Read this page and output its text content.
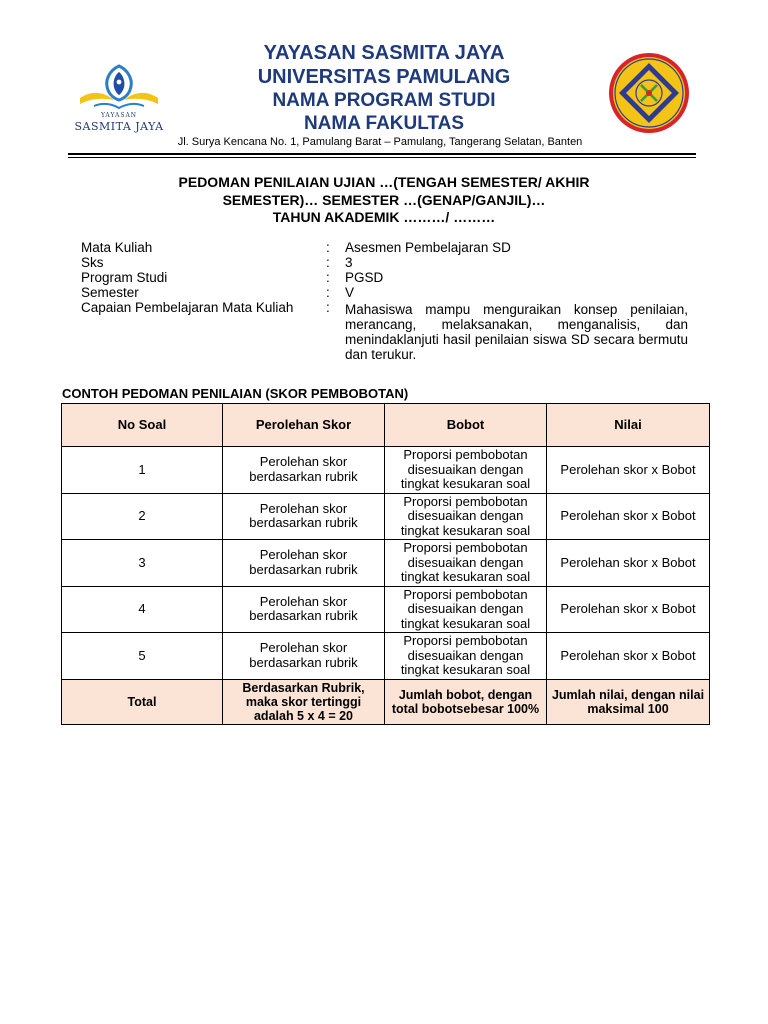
YAYASAN
SASMITA JAYA
YAYASAN SASMITA JAYA
UNIVERSITAS PAMULANG
NAMA PROGRAM STUDI
NAMA FAKULTAS
Jl. Surya Kencana No. 1, Pamulang Barat – Pamulang, Tangerang Selatan, Banten
PEDOMAN PENILAIAN UJIAN …(TENGAH SEMESTER/ AKHIR
SEMESTER)… SEMESTER …(GENAP/GANJIL)…
TAHUN AKADEMIK ………/ ………
Mata Kuliah	: Asesmen Pembelajaran SD
Sks	: 3
Program Studi	: PGSD
Semester	: V
Capaian Pembelajaran Mata Kuliah : Mahasiswa mampu menguraikan konsep penilaian, merancang, melaksanakan, menganalisis, dan menindaklanjuti hasil penilaian siswa SD secara bermutu dan terukur.
CONTOH PEDOMAN PENILAIAN (SKOR PEMBOBOTAN)
No Soal	Perolehan Skor	Bobot	Nilai
1	Perolehan skor berdasarkan rubrik	Proporsi pembobotan disesuaikan dengan tingkat kesukaran soal	Perolehan skor x Bobot
2	Perolehan skor berdasarkan rubrik	Proporsi pembobotan disesuaikan dengan tingkat kesukaran soal	Perolehan skor x Bobot
3	Perolehan skor berdasarkan rubrik	Proporsi pembobotan disesuaikan dengan tingkat kesukaran soal	Perolehan skor x Bobot
4	Perolehan skor berdasarkan rubrik	Proporsi pembobotan disesuaikan dengan tingkat kesukaran soal	Perolehan skor x Bobot
5	Perolehan skor berdasarkan rubrik	Proporsi pembobotan disesuaikan dengan tingkat kesukaran soal	Perolehan skor x Bobot
Total	Berdasarkan Rubrik, maka skor tertinggi adalah 5 x 4 = 20	Jumlah bobot, dengan total bobotsebesar 100%	Jumlah nilai, dengan nilai maksimal 100
